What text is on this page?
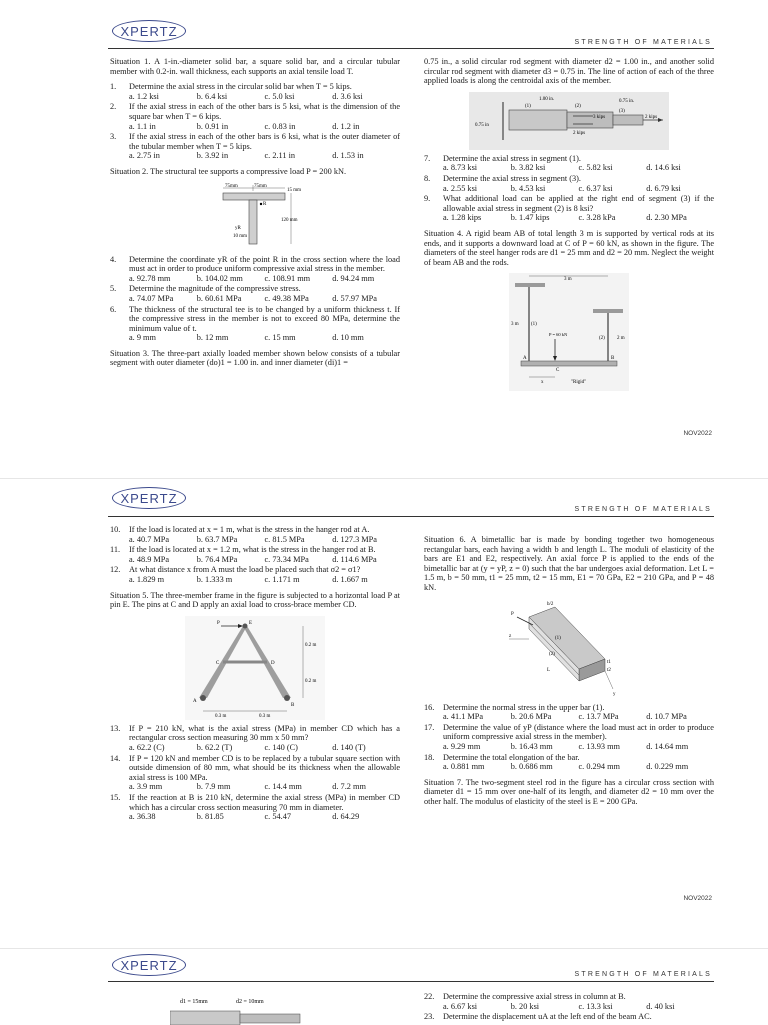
XPERTZ
STRENGTH OF MATERIALS

Situation 1. A 1-in.-diameter solid bar, a square solid bar, and a circular tubular member with 0.2-in. wall thickness, each supports an axial tensile load T.

1.	Determine the axial stress in the circular solid bar when T = 5 kips.
a. 1.2 ksi	b. 6.4 ksi	c. 5.0 ksi	d. 3.6 ksi
2.	If the axial stress in each of the other bars is 5 ksi, what is the dimension of the square bar when T = 6 kips.
a. 1.1 in	b. 0.91 in	c. 0.83 in	d. 1.2 in
3.	If the axial stress in each of the other bars is 6 ksi, what is the outer diameter of the tubular member when T = 5 kips.
a. 2.75 in	b. 3.92 in	c. 2.11 in	d. 1.53 in

Situation 2. The structural tee supports a compressive load P = 200 kN.

75mm	75mm
15 mm
R
120 mm
yR
10 mm
4.	Determine the coordinate yR of the point R in the cross section where the load must act in order to produce uniform compressive axial stress in the member.
a. 92.78 mm	b. 104.02 mm	c. 108.91 mm	d. 94.24 mm
5.	Determine the magnitude of the compressive stress.
a. 74.07 MPa	b. 60.61 MPa	c. 49.38 MPa	d. 57.97 MPa
6.	The thickness of the structural tee is to be changed by a uniform thickness t. If the compressive stress in the member is not to exceed 80 MPa, determine the minimum value of t.
a. 9 mm	b. 12 mm	c. 15 mm	d. 10 mm

Situation 3. The three-part axially loaded member shown below consists of a tubular segment with outer diameter (do)1 = 1.00 in. and inner diameter (di)1 =

0.75 in., a solid circular rod segment with diameter d2 = 1.00 in., and another solid circular rod segment with diameter d3 = 0.75 in. The line of action of each of the three applied loads is along the centroidal axis of the member.

1.00 in.	0.75 in.
0.75 in
(1)	(2)
(3)
3 kips
2 kips
2 kips
7.	Determine the axial stress in segment (1).
a. 8.73 ksi	b. 3.82 ksi	c. 5.82 ksi	d. 14.6 ksi
8.	Determine the axial stress in segment (3).
a. 2.55 ksi	b. 4.53 ksi	c. 6.37 ksi	d. 6.79 ksi
9.	What additional load can be applied at the right end of segment (3) if the allowable axial stress in segment (2) is 8 ksi?
a. 1.28 kips	b. 1.47 kips	c. 3.28 kPa	d. 2.30 MPa

Situation 4. A rigid beam AB of total length 3 m is supported by vertical rods at its ends, and it supports a downward load at C of P = 60 kN, as shown in the figure. The diameters of the steel hanger rods are d1 = 25 mm and d2 = 20 mm. Neglect the weight of beam AB and the rods.

3 m
3 m
2 m
(1)
(2)
P = 60 kN
A	B
C
x	"Rigid"
NOV2022
XPERTZ
STRENGTH OF MATERIALS
10.	If the load is located at x = 1 m, what is the stress in the hanger rod at A.
a. 40.7 MPa	b. 63.7 MPa	c. 81.5 MPa	d. 127.3 MPa
11.	If the load is located at x = 1.2 m, what is the stress in the hanger rod at B.
a. 48.9 MPa	b. 76.4 MPa	c. 73.34 MPa	d. 114.6 MPa
12.	At what distance x from A must the load be placed such that σ2 = σ1?
a. 1.829 m	b. 1.333 m	c. 1.171 m	d. 1.667 m

Situation 5. The three-member frame in the figure is subjected to a horizontal load P at pin E. The pins at C and D apply an axial load to cross-brace member CD.

P	E
C	D
A
B
0.2 m
0.2 m
0.3 m	0.3 m
13.	If P = 210 kN, what is the axial stress (MPa) in member CD which has a rectangular cross section measuring 30 mm x 50 mm?
a. 62.2 (C)	b. 62.2 (T)	c. 140 (C)	d. 140 (T)
14.	If P = 120 kN and member CD is to be replaced by a tubular square section with outside dimension of 80 mm, what should be its thickness when the allowable axial stress is 100 MPa.
a. 3.9 mm	b. 7.9 mm	c. 14.4 mm	d. 7.2 mm
15.	If the reaction at B is 210 kN, determine the axial stress (MPa) in member CD which has a circular cross section measuring 70 mm in diameter.
a. 36.38	b. 81.85	c. 54.47	d. 64.29

Situation 6. A bimetallic bar is made by bonding together two homogeneous rectangular bars, each having a width b and length L. The moduli of elasticity of the bars are E1 and E2, respectively. An axial force P is applied to the ends of the bimetallic bar at (y = yP, z = 0) such that the bar undergoes axial deformation. Let L = 1.5 m, b = 50 mm, t1 = 25 mm, t2 = 15 mm, E1 = 70 GPa, E2 = 210 GPa, and P = 48 kN.

P
z	(1)
(2)
L
b/2
t1
t2
y
16.	Determine the normal stress in the upper bar (1).
a. 41.1 MPa	b. 20.6 MPa	c. 13.7 MPa	d. 10.7 MPa
17.	Determine the value of yP (distance where the load must act in order to produce uniform compressive axial stress in the member).
a. 9.29 mm	b. 16.43 mm	c. 13.93 mm	d. 14.64 mm
18.	Determine the total elongation of the bar.
a. 0.881 mm	b. 0.686 mm	c. 0.294 mm	d. 0.229 mm

Situation 7. The two-segment steel rod in the figure has a circular cross section with diameter d1 = 15 mm over one-half of its length, and diameter d2 = 10 mm over the other half. The modulus of elasticity of the steel is E = 200 GPa.

NOV2022
XPERTZ
STRENGTH OF MATERIALS
d1 = 15mm	d2 = 10mm
22.	Determine the compressive axial stress in column at B.
a. 6.67 ksi	b. 20 ksi	c. 13.3 ksi	d. 40 ksi
23.	Determine the displacement uA at the left end of the beam AC.
